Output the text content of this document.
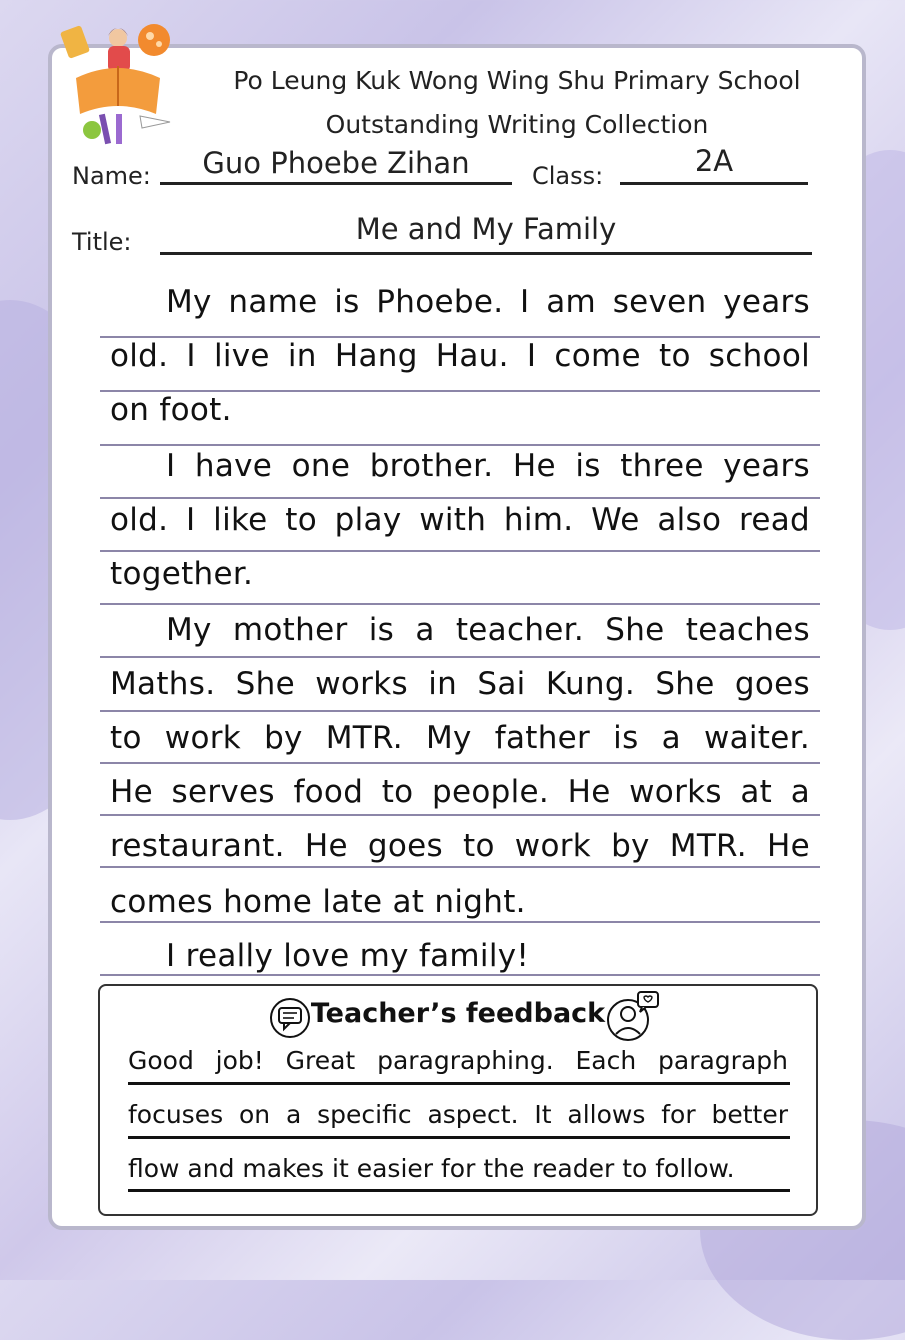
Po Leung Kuk Wong Wing Shu Primary School
Outstanding Writing Collection
Name:	Guo Phoebe Zihan	Class:	2A
Title:	Me and My Family
My name is Phoebe. I am seven years
old. I live in Hang Hau. I come to school
on foot.
I have one brother. He is three years
old. I like to play with him. We also read
together.
My mother is a teacher. She teaches
Maths. She works in Sai Kung. She goes
to work by MTR. My father is a waiter.
He serves food to people. He works at a
restaurant. He goes to work by MTR. He
comes home late at night.
I really love my family!
Teacher’s feedback
Good job! Great paragraphing. Each paragraph
focuses on a specific aspect. It allows for better
flow and makes it easier for the reader to follow.
